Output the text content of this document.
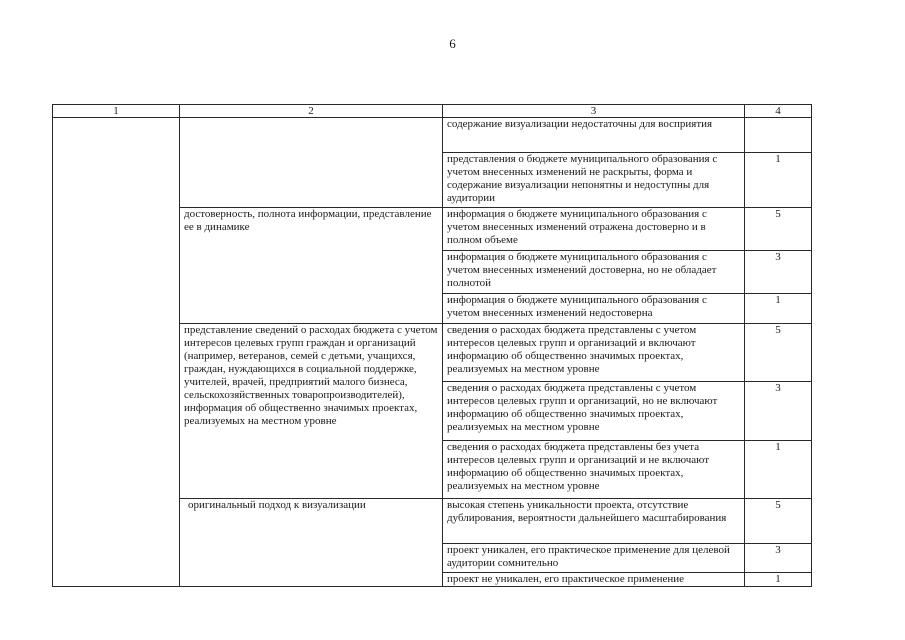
6
1	2	3	4
		содержание визуализации недостаточны для восприятия	
		представления о бюджете муниципального образования с учетом внесенных изменений не раскрыты, форма и содержание визуализации непонятны и недоступны для аудитории	1
	достоверность, полнота информации, представление ее в динамике	информация о бюджете муниципального образования с учетом внесенных изменений отражена достоверно и в полном объеме	5
		информация о бюджете муниципального образования с учетом внесенных изменений достоверна, но не обладает полнотой	3
		информация о бюджете муниципального образования с учетом внесенных изменений недостоверна	1
	представление сведений о расходах бюджета с учетом интересов целевых групп граждан и организаций (например, ветеранов, семей с детьми, учащихся, граждан, нуждающихся в социальной поддержке, учителей, врачей, предприятий малого бизнеса, сельскохозяйственных товаропроизводителей), информация об общественно значимых проектах, реализуемых на местном уровне	сведения о расходах бюджета представлены с учетом интересов целевых групп и организаций и включают информацию об общественно значимых проектах, реализуемых на местном уровне	5
		сведения о расходах бюджета представлены с учетом интересов целевых групп и организаций, но не включают информацию об общественно значимых проектах, реализуемых на местном уровне	3
		сведения о расходах бюджета представлены без учета интересов целевых групп и организаций и не включают информацию об общественно значимых проектах, реализуемых на местном уровне	1
	оригинальный подход к визуализации	высокая степень уникальности проекта, отсутствие дублирования, вероятности дальнейшего масштабирования	5
		проект уникален, его практическое применение для целевой аудитории сомнительно	3

		проект не уникален, его практическое применение	1
